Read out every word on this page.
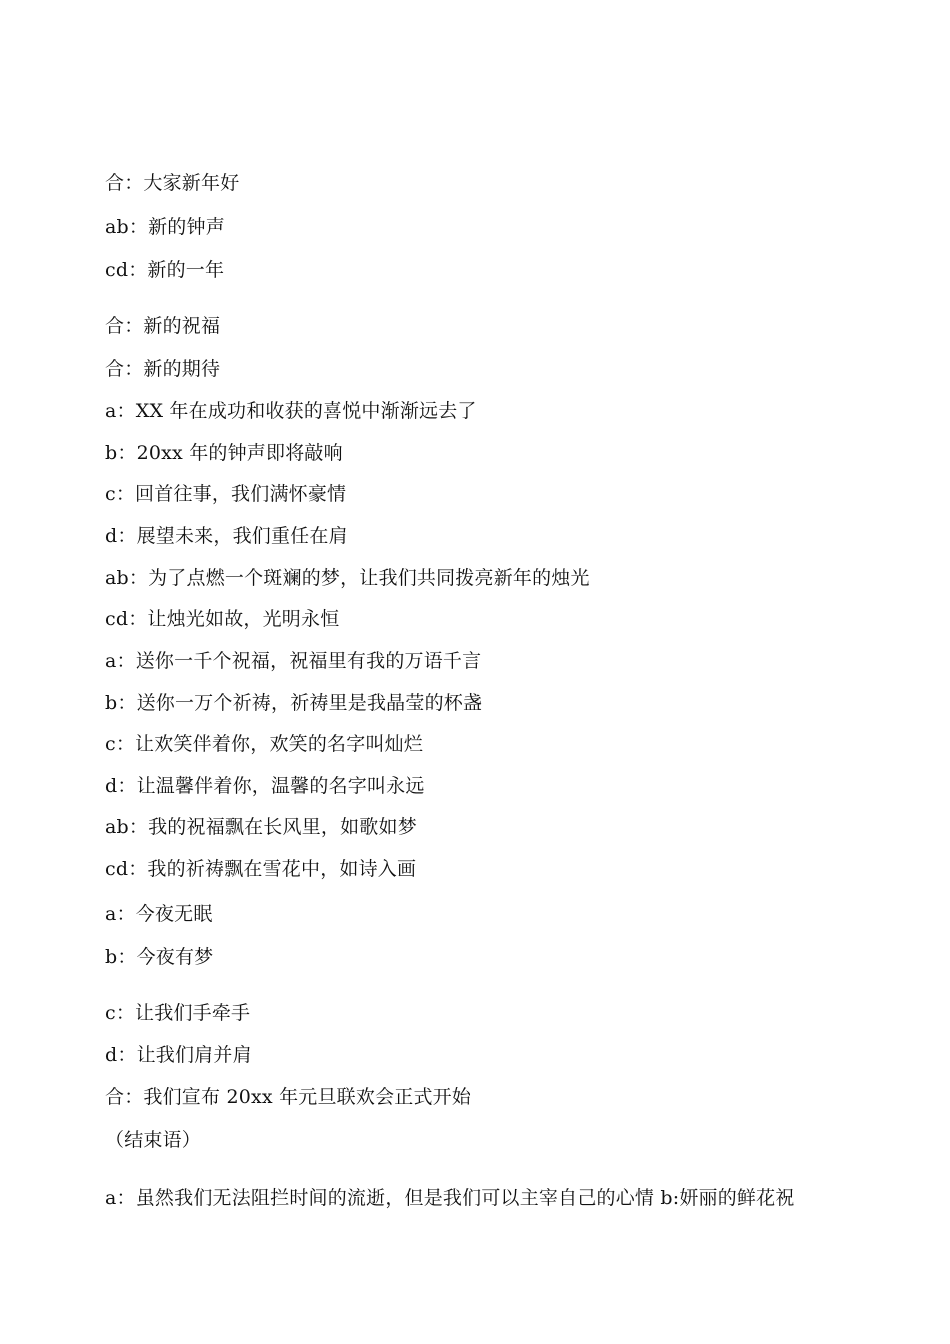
合：大家新年好
ab：新的钟声
cd：新的一年
合：新的祝福
合：新的期待
a：XX 年在成功和收获的喜悦中渐渐远去了
b：20xx 年的钟声即将敲响
c：回首往事，我们满怀豪情
d：展望未来，我们重任在肩
ab：为了点燃一个斑斓的梦，让我们共同拨亮新年的烛光
cd：让烛光如故，光明永恒
a：送你一千个祝福，祝福里有我的万语千言
b：送你一万个祈祷，祈祷里是我晶莹的杯盏
c：让欢笑伴着你，欢笑的名字叫灿烂
d：让温馨伴着你，温馨的名字叫永远
ab：我的祝福飘在长风里，如歌如梦
cd：我的祈祷飘在雪花中，如诗入画
a：今夜无眠
b：今夜有梦
c：让我们手牵手
d：让我们肩并肩
合：我们宣布 20xx 年元旦联欢会正式开始
（结束语）
a：虽然我们无法阻拦时间的流逝，但是我们可以主宰自己的心情 b:妍丽的鲜花祝
